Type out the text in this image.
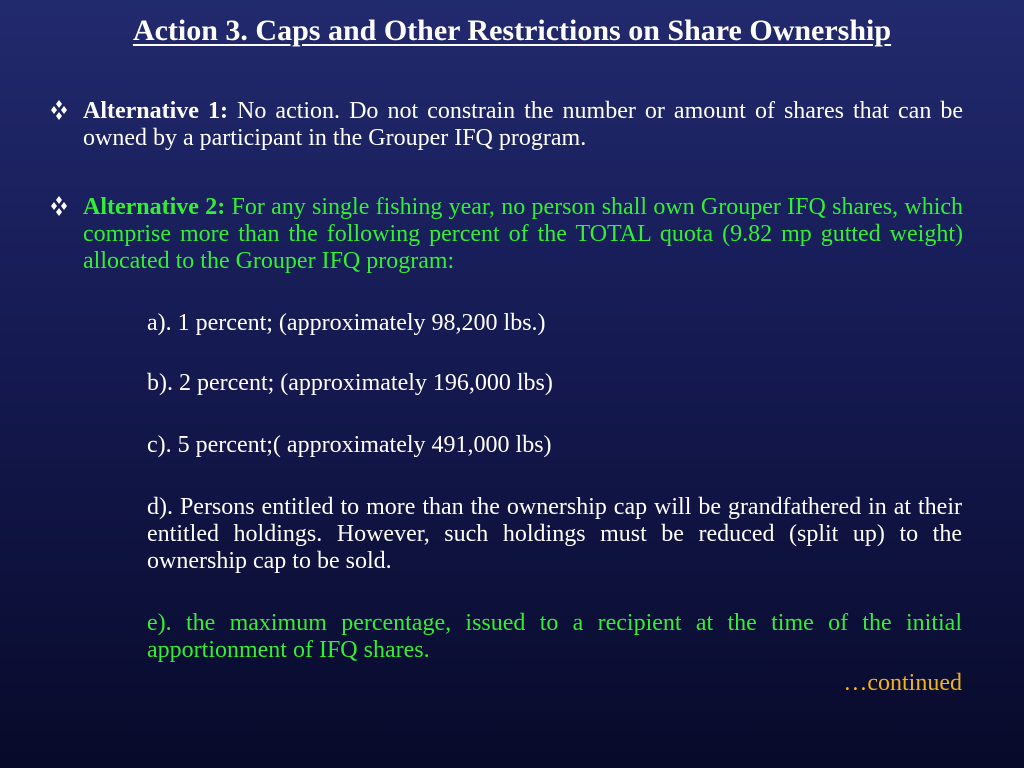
Action 3. Caps and Other Restrictions on Share Ownership
Alternative 1: No action. Do not constrain the number or amount of shares that can be owned by a participant in the Grouper IFQ program.
Alternative 2: For any single fishing year, no person shall own Grouper IFQ shares, which comprise more than the following percent of the TOTAL quota (9.82 mp gutted weight) allocated to the Grouper IFQ program:
a). 1 percent; (approximately 98,200 lbs.)
b). 2 percent; (approximately 196,000 lbs)
c). 5 percent;( approximately 491,000 lbs)
d). Persons entitled to more than the ownership cap will be grandfathered in at their entitled holdings. However, such holdings must be reduced (split up) to the ownership cap to be sold.
e). the maximum percentage, issued to a recipient at the time of the initial apportionment of IFQ shares.
…continued
